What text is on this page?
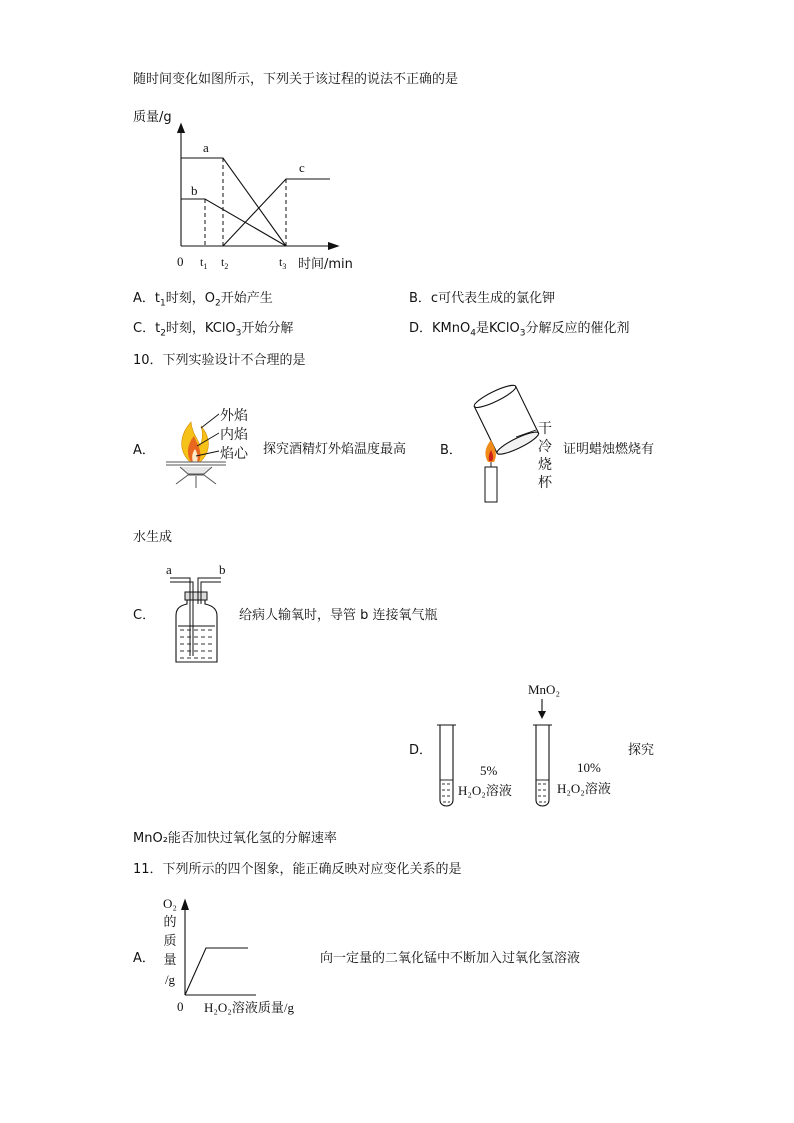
随时间变化如图所示，下列关于该过程的说法不正确的是
质量/g
a
b
c
0 $t_1$ $t_2$	$t_3$ 时间/min
A．$t_1$时刻，$O_2$开始产生	B．c可代表生成的氯化钾
C．$t_2$时刻，KClO$_3$开始分解	D．KMnO$_4$是KClO$_3$分解反应的催化剂
10．下列实验设计不合理的是
A．
外焰
内焰
焰心 探究酒精灯外焰温度最高	B．
干
冷
烧
杯
证明蜡烛燃烧有
水生成
C．
a	b
给病人输氧时，导管 b 连接氧气瓶
D．
MnO₂
5%
H₂O₂溶液
10%
H₂O₂溶液
探究
MnO₂能否加快过氧化氢的分解速率
11．下列所示的四个图象，能正确反映对应变化关系的是
A．
O₂
的
质
量
/g
0 H₂O₂溶液质量/g
向一定量的二氧化锰中不断加入过氧化氢溶液
